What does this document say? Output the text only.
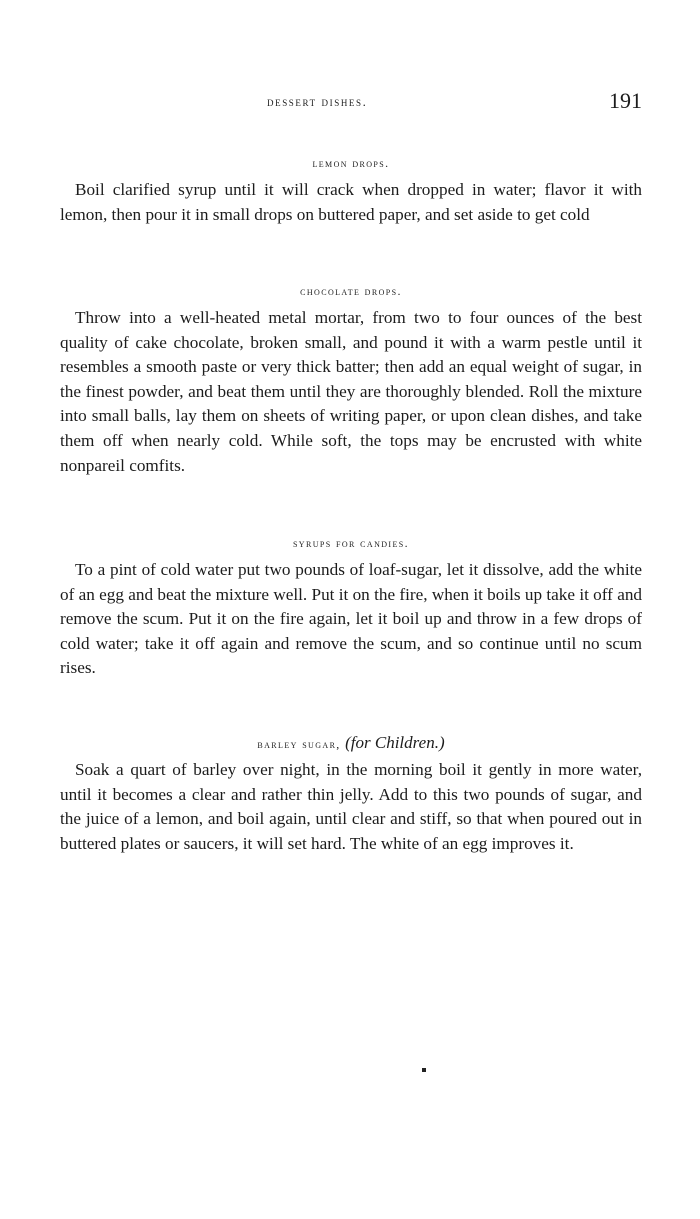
dessert dishes.	191
lemon drops.

Boil clarified syrup until it will crack when dropped in water; flavor it with lemon, then pour it in small drops on buttered paper, and set aside to get cold

chocolate drops.

Throw into a well-heated metal mortar, from two to four ounces of the best quality of cake chocolate, broken small, and pound it with a warm pestle until it resembles a smooth paste or very thick batter; then add an equal weight of sugar, in the finest powder, and beat them until they are thoroughly blended. Roll the mixture into small balls, lay them on sheets of writing paper, or upon clean dishes, and take them off when nearly cold. While soft, the tops may be encrusted with white nonpareil comfits.

syrups for candies.

To a pint of cold water put two pounds of loaf-sugar, let it dissolve, add the white of an egg and beat the mixture well. Put it on the fire, when it boils up take it off and remove the scum. Put it on the fire again, let it boil up and throw in a few drops of cold water; take it off again and remove the scum, and so continue until no scum rises.

barley sugar, (for Children.)

Soak a quart of barley over night, in the morning boil it gently in more water, until it becomes a clear and rather thin jelly. Add to this two pounds of sugar, and the juice of a lemon, and boil again, until clear and stiff, so that when poured out in buttered plates or saucers, it will set hard. The white of an egg improves it.
